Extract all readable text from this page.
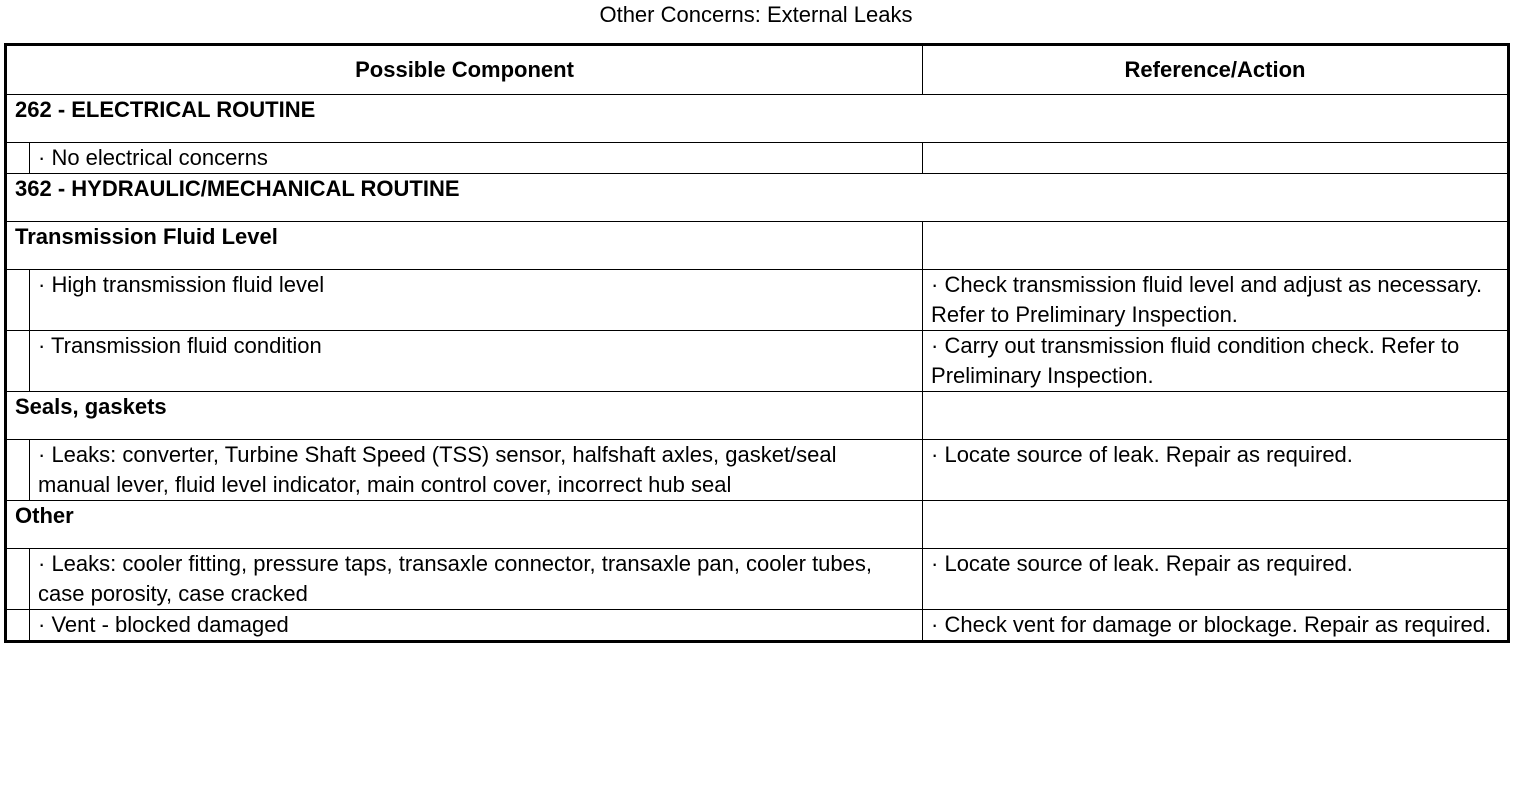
Other Concerns: External Leaks
Possible Component		Reference/Action
262 - ELECTRICAL ROUTINE		
	· No electrical concerns	
362 - HYDRAULIC/MECHANICAL ROUTINE		
Transmission Fluid Level		
	· High transmission fluid level	· Check transmission fluid level and adjust as necessary. Refer to Preliminary Inspection.
	· Transmission fluid condition	· Carry out transmission fluid condition check. Refer to Preliminary Inspection.
Seals, gaskets		
	· Leaks: converter, Turbine Shaft Speed (TSS) sensor, halfshaft axles, gasket/seal manual lever, fluid level indicator, main control cover, incorrect hub seal	· Locate source of leak. Repair as required.
Other		
	· Leaks: cooler fitting, pressure taps, transaxle connector, transaxle pan, cooler tubes, case porosity, case cracked	· Locate source of leak. Repair as required.
	· Vent - blocked damaged	· Check vent for damage or blockage. Repair as required.
